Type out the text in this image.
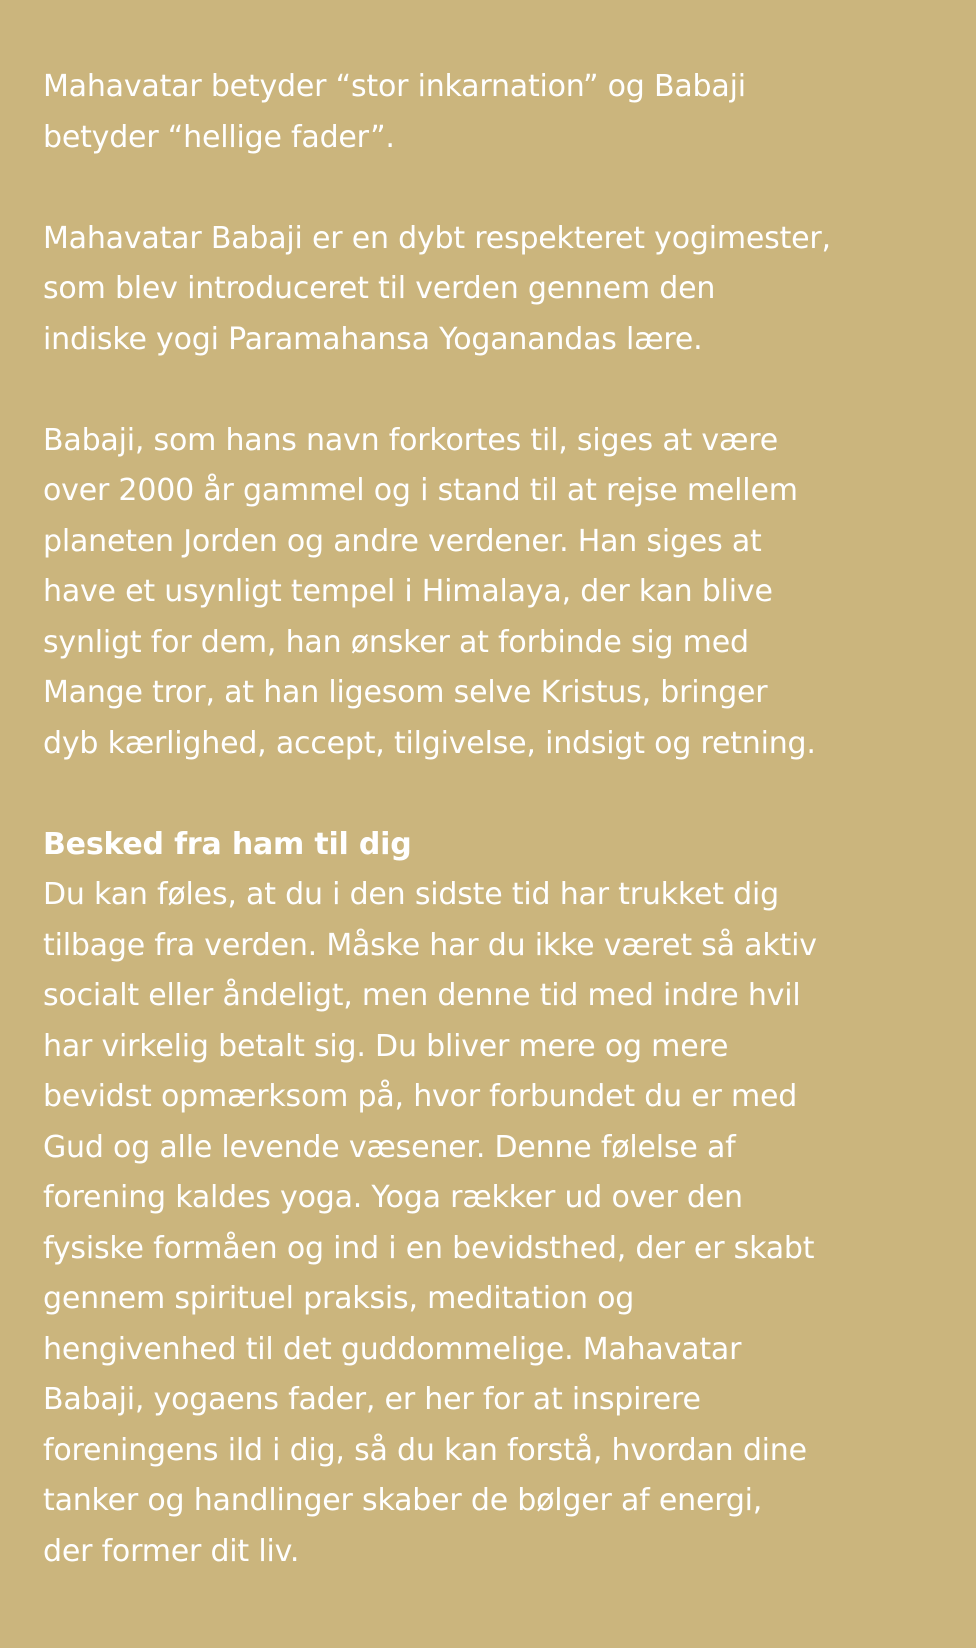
Mahavatar betyder “stor inkarnation” og Babaji
betyder “hellige fader”.
Mahavatar Babaji er en dybt respekteret yogimester,
som blev introduceret til verden gennem den
indiske yogi Paramahansa Yoganandas lære.
Babaji, som hans navn forkortes til, siges at være
over 2000 år gammel og i stand til at rejse mellem
planeten Jorden og andre verdener. Han siges at
have et usynligt tempel i Himalaya, der kan blive
synligt for dem, han ønsker at forbinde sig med
Mange tror, at han ligesom selve Kristus, bringer
dyb kærlighed, accept, tilgivelse, indsigt og retning.
Besked fra ham til dig
Du kan føles, at du i den sidste tid har trukket dig
tilbage fra verden. Måske har du ikke været så aktiv
socialt eller åndeligt, men denne tid med indre hvil
har virkelig betalt sig. Du bliver mere og mere
bevidst opmærksom på, hvor forbundet du er med
Gud og alle levende væsener. Denne følelse af
forening kaldes yoga. Yoga rækker ud over den
fysiske formåen og ind i en bevidsthed, der er skabt
gennem spirituel praksis, meditation og
hengivenhed til det guddommelige. Mahavatar
Babaji, yogaens fader, er her for at inspirere
foreningens ild i dig, så du kan forstå, hvordan dine
tanker og handlinger skaber de bølger af energi,
der former dit liv.
